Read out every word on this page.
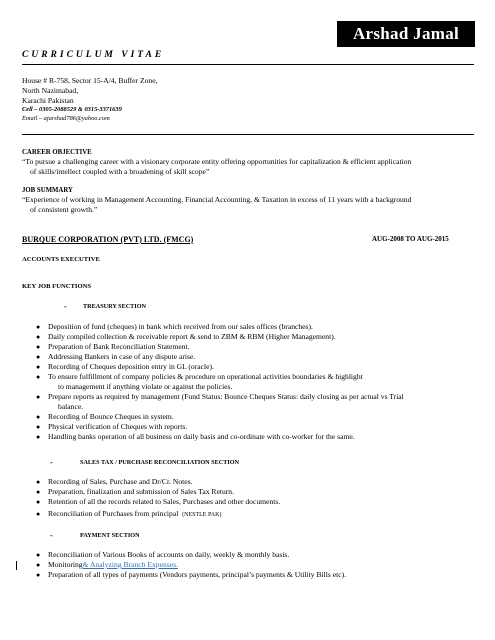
Arshad Jamal
CURRICULUM VITAE
House # R-758, Sector 15-A/4, Buffer Zone,
North Nazimabad,
Karachi Pakistan
Cell – 0305-2088529 & 0315-3371639
Email – ajarshad786@yahoo.com
CAREER OBJECTIVE
“To pursue a challenging career with a visionary corporate entity offering opportunities for capitalization & efficient application
of skills/intellect coupled with a broadening of skill scope”
JOB SUMMARY
“Experience of working in Management Accounting, Financial Accounting, & Taxation in excess of 11 years with a background
of consistent growth.”
BURQUE CORPORATION (PVT) LTD. (FMCG)	AUG-2008 TO AUG-2015
ACCOUNTS EXECUTIVE
KEY JOB FUNCTIONS
-	TREASURY SECTION
● Deposition of fund (cheques) in bank which received from our sales offices (branches).
● Daily compiled collection & receivable report & send to ZBM & RBM (Higher Management).
● Preparation of Bank Reconciliation Statement.
● Addressing Bankers in case of any dispute arise.
● Recording of Cheques deposition entry in GL (oracle).
● To ensure fulfillment of company policies & procedure on operational activities boundaries & highlight
to management if anything violate or against the policies.
● Prepare reports as required by management (Fund Status: Bounce Cheques Status: daily closing as per actual vs Trial
balance.
● Recording of Bounce Cheques in system.
● Physical verification of Cheques with reports.
● Handling banks operation of all business on daily basis and co-ordinate with co-worker for the same.
-	SALES TAX / PURCHASE RECONCILIATION SECTION
● Recording of Sales, Purchase and Dr/Cr. Notes.
● Preparation, finalization and submission of Sales Tax Return.
● Retention of all the records related to Sales, Purchases and other documents.
● Reconciliation of Purchases from principal (NESTLE PAK)
-	PAYMENT SECTION
● Reconciliation of Various Books of accounts on daily, weekly & monthly basis.
● Monitoring& Analyzing Branch Expenses.
● Preparation of all types of payments (Vendors payments, principal’s payments & Utility Bills etc).
